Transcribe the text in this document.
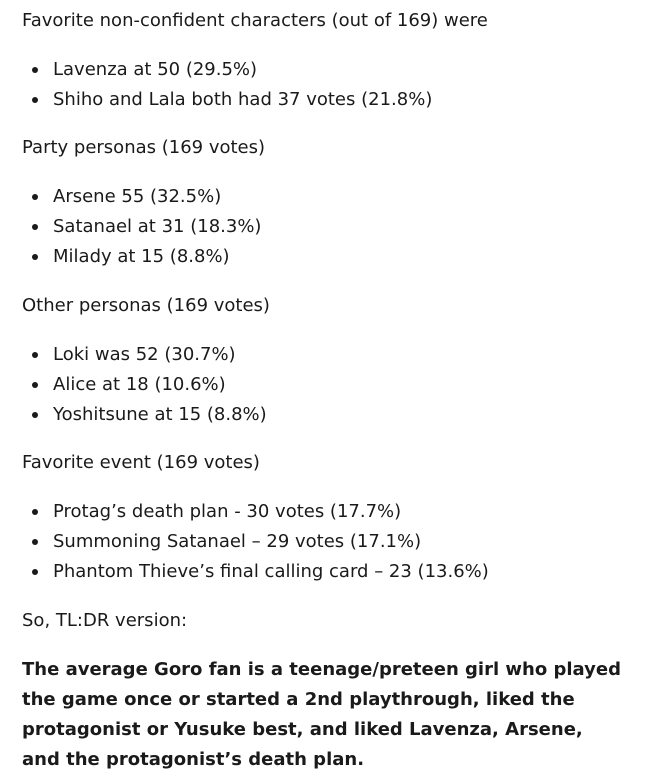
Favorite non-confident characters (out of 169) were

Lavenza at 50 (29.5%)
Shiho and Lala both had 37 votes (21.8%)

Party personas (169 votes)

Arsene 55 (32.5%)
Satanael at 31 (18.3%)
Milady at 15 (8.8%)

Other personas (169 votes)

Loki was 52 (30.7%)
Alice at 18 (10.6%)
Yoshitsune at 15 (8.8%)

Favorite event (169 votes)

Protag’s death plan - 30 votes (17.7%)
Summoning Satanael – 29 votes (17.1%)
Phantom Thieve’s final calling card – 23 (13.6%)

So, TL:DR version:

The average Goro fan is a teenage/preteen girl who played the game once or started a 2nd playthrough, liked the protagonist or Yusuke best, and liked Lavenza, Arsene, and the protagonist’s death plan.
